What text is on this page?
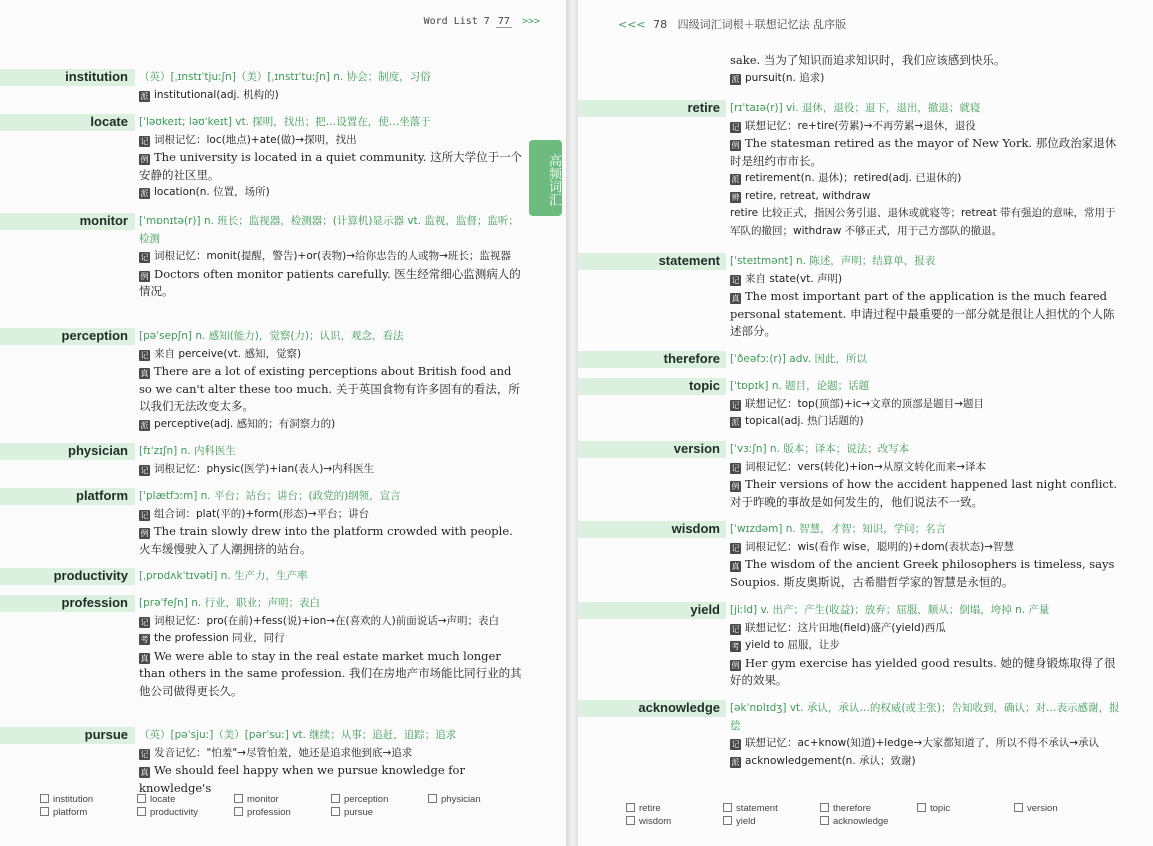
Word List 7 77 >>>
高频词汇
institution （英）[ˌɪnstɪˈtjuːʃn]（美）[ˌɪnstɪˈtuːʃn] n. 协会；制度，习俗
派 institutional(adj. 机构的)
locate [ˈləʊkeɪt; ləʊˈkeɪt] vt. 探明，找出；把…设置在，使…坐落于
记 词根记忆：loc(地点)+ate(做)→探明，找出
例 The university is located in a quiet community. 这所大学位于一个安静的社区里。
派 location(n. 位置，场所)
monitor [ˈmɒnɪtə(r)] n. 班长；监视器，检测器；(计算机)显示器 vt. 监视，监督；监听；检测
记 词根记忆：monit(提醒，警告)+or(表物)→给你忠告的人或物→班长；监视器
例 Doctors often monitor patients carefully. 医生经常细心监测病人的情况。
perception [pəˈsepʃn] n. 感知(能力)，觉察(力)；认识，观念，看法
记 来自 perceive(vt. 感知，觉察)
真 There are a lot of existing perceptions about British food and so we can't alter these too much. 关于英国食物有许多固有的看法，所以我们无法改变太多。
派 perceptive(adj. 感知的；有洞察力的)
physician [fɪˈzɪʃn] n. 内科医生
记 词根记忆：physic(医学)+ian(表人)→内科医生
platform [ˈplætfɔːm] n. 平台；站台；讲台；(政党的)纲领，宣言
记 组合词：plat(平的)+form(形态)→平台；讲台
例 The train slowly drew into the platform crowded with people. 火车缓慢驶入了人潮拥挤的站台。
productivity [ˌprɒdʌkˈtɪvəti] n. 生产力，生产率
profession [prəˈfeʃn] n. 行业，职业；声明；表白
记 词根记忆：pro(在前)+fess(说)+ion→在(喜欢的人)前面说话→声明；表白
考 the profession 同业，同行
真 We were able to stay in the real estate market much longer than others in the same profession. 我们在房地产市场能比同行业的其他公司做得更长久。
pursue （英）[pəˈsjuː]（美）[pərˈsuː] vt. 继续；从事；追赶，追踪；追求
记 发音记忆："怕羞"→尽管怕羞，她还是追求他到底→追求
真 We should feel happy when we pursue knowledge for knowledge's
institution	locate	monitor	perception	physician
platform	productivity	profession	pursue
<<< 78 四级词汇词根＋联想记忆法 乱序版
sake. 当为了知识而追求知识时，我们应该感到快乐。
派 pursuit(n. 追求)
retire [rɪˈtaɪə(r)] vi. 退休，退役；退下，退出，撤退；就寝
记 联想记忆：re+tire(劳累)→不再劳累→退休，退役
例 The statesman retired as the mayor of New York. 那位政治家退休时是纽约市市长。
派 retirement(n. 退休)；retired(adj. 已退休的)
辨 retire, retreat, withdraw
retire 比较正式，指因公务引退、退休或就寝等；retreat 带有强迫的意味，常用于军队的撤回；withdraw 不够正式，用于己方部队的撤退。
statement [ˈsteɪtmənt] n. 陈述，声明；结算单，报表
记 来自 state(vt. 声明)
真 The most important part of the application is the much feared personal statement. 申请过程中最重要的一部分就是很让人担忧的个人陈述部分。
therefore [ˈðeəfɔː(r)] adv. 因此，所以
topic [ˈtɒpɪk] n. 题目，论题；话题
记 联想记忆：top(顶部)+ic→文章的顶部是题目→题目
派 topical(adj. 热门话题的)
version [ˈvɜːʃn] n. 版本；译本；说法；改写本
记 词根记忆：vers(转化)+ion→从原文转化而来→译本
例 Their versions of how the accident happened last night conflict. 对于昨晚的事故是如何发生的，他们说法不一致。
wisdom [ˈwɪzdəm] n. 智慧，才智；知识，学问；名言
记 词根记忆：wis(看作 wise，聪明的)+dom(表状态)→智慧
真 The wisdom of the ancient Greek philosophers is timeless, says Soupios. 斯皮奥斯说，古希腊哲学家的智慧是永恒的。
yield [jiːld] v. 出产；产生(收益)；放弃；屈服，顺从；倒塌，垮掉 n. 产量
记 联想记忆：这片田地(field)盛产(yield)西瓜
考 yield to 屈服，让步
例 Her gym exercise has yielded good results. 她的健身锻炼取得了很好的效果。
acknowledge [əkˈnɒlɪdʒ] vt. 承认，承认…的权威(或主张)；告知收到，确认；对…表示感谢，报偿
记 联想记忆：ac+know(知道)+ledge→大家都知道了，所以不得不承认→承认
派 acknowledgement(n. 承认；致谢)
retire	statement	therefore	topic	version
wisdom	yield	acknowledge
